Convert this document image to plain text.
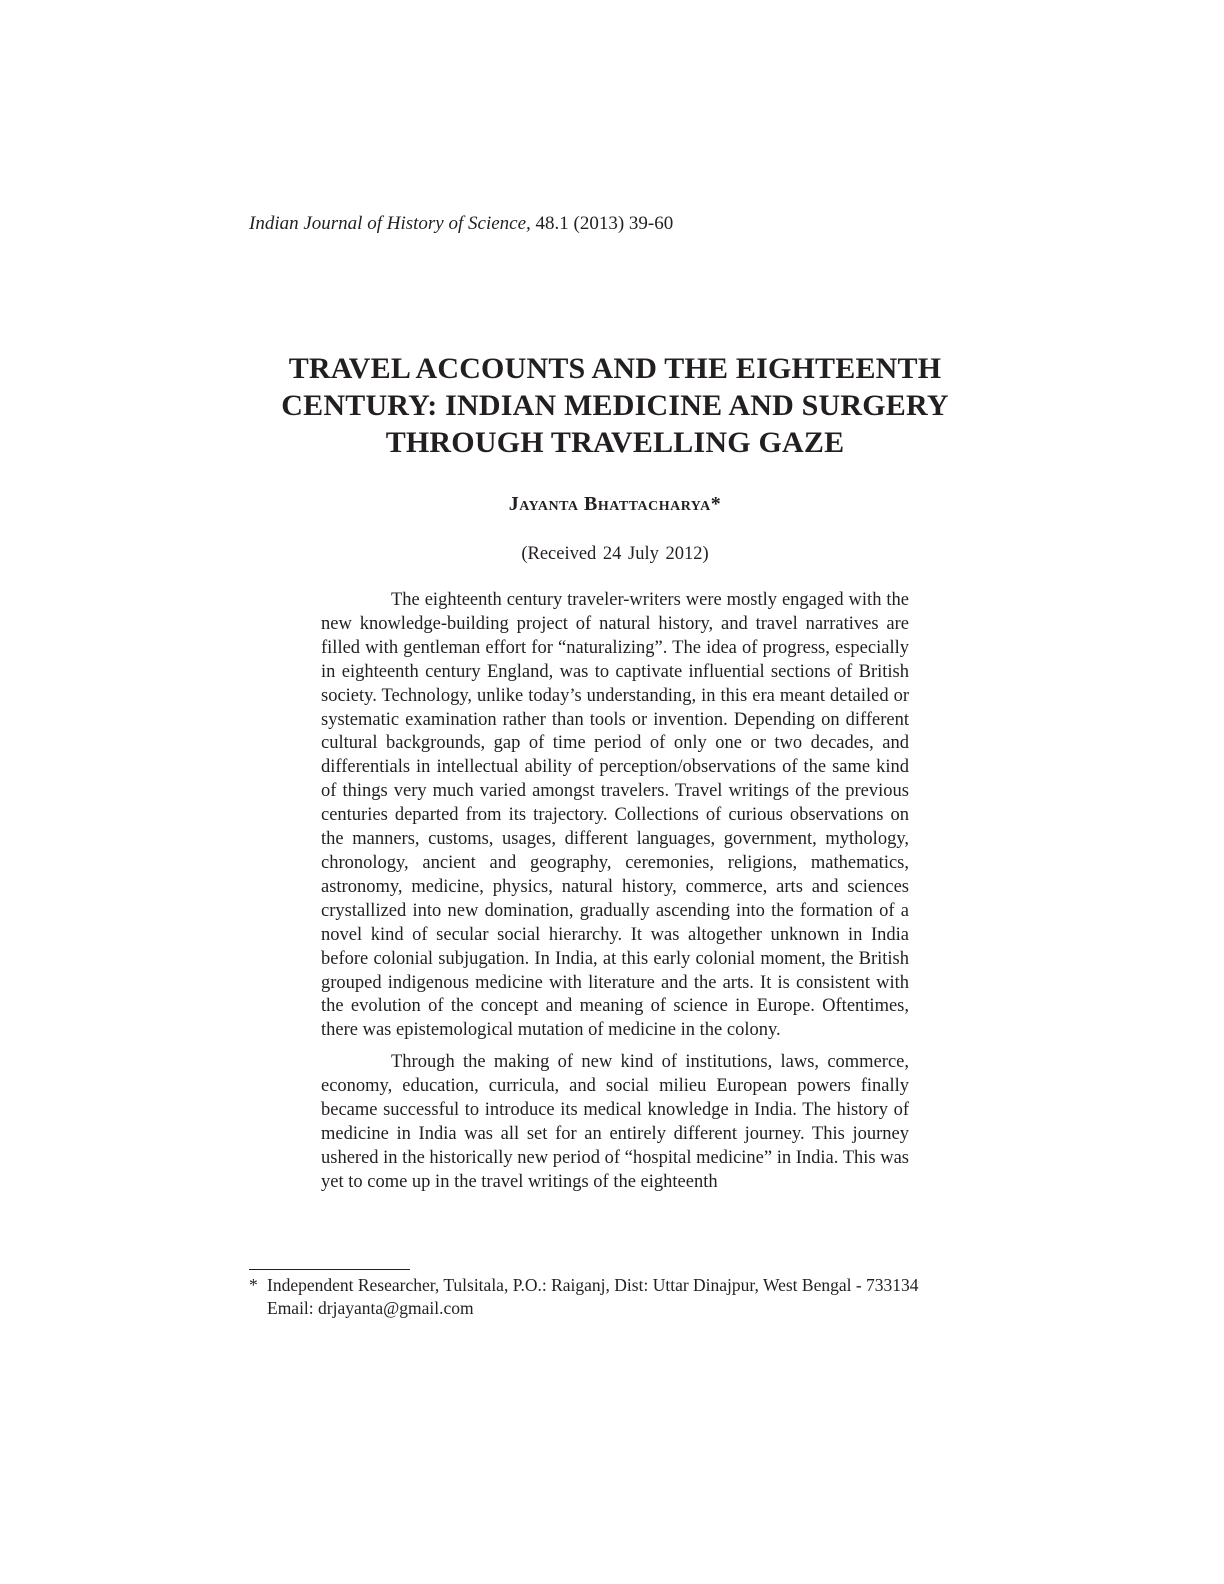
Indian Journal of History of Science, 48.1 (2013) 39-60
TRAVEL ACCOUNTS AND THE EIGHTEENTH
CENTURY: INDIAN MEDICINE AND SURGERY
THROUGH TRAVELLING GAZE
Jayanta Bhattacharya*
(Received 24 July 2012)

The eighteenth century traveler-writers were mostly engaged with the new knowledge-building project of natural history, and travel narratives are filled with gentleman effort for “naturalizing”. The idea of progress, especially in eighteenth century England, was to captivate influential sections of British society. Technology, unlike today’s understanding, in this era meant detailed or systematic examination rather than tools or invention. Depending on different cultural backgrounds, gap of time period of only one or two decades, and differentials in intellectual ability of perception/observations of the same kind of things very much varied amongst travelers. Travel writings of the previous centuries departed from its trajectory. Collections of curious observations on the manners, customs, usages, different languages, government, mythology, chronology, ancient and geography, ceremonies, religions, mathematics, astronomy, medicine, physics, natural history, commerce, arts and sciences crystallized into new domination, gradually ascending into the formation of a novel kind of secular social hierarchy. It was altogether unknown in India before colonial subjugation. In India, at this early colonial moment, the British grouped indigenous medicine with literature and the arts. It is consistent with the evolution of the concept and meaning of science in Europe. Oftentimes, there was epistemological mutation of medicine in the colony.

Through the making of new kind of institutions, laws, commerce, economy, education, curricula, and social milieu European powers finally became successful to introduce its medical knowledge in India. The history of medicine in India was all set for an entirely different journey. This journey ushered in the historically new period of “hospital medicine” in India. This was yet to come up in the travel writings of the eighteenth

* Independent Researcher, Tulsitala, P.O.: Raiganj, Dist: Uttar Dinajpur, West Bengal - 733134
Email: drjayanta@gmail.com
